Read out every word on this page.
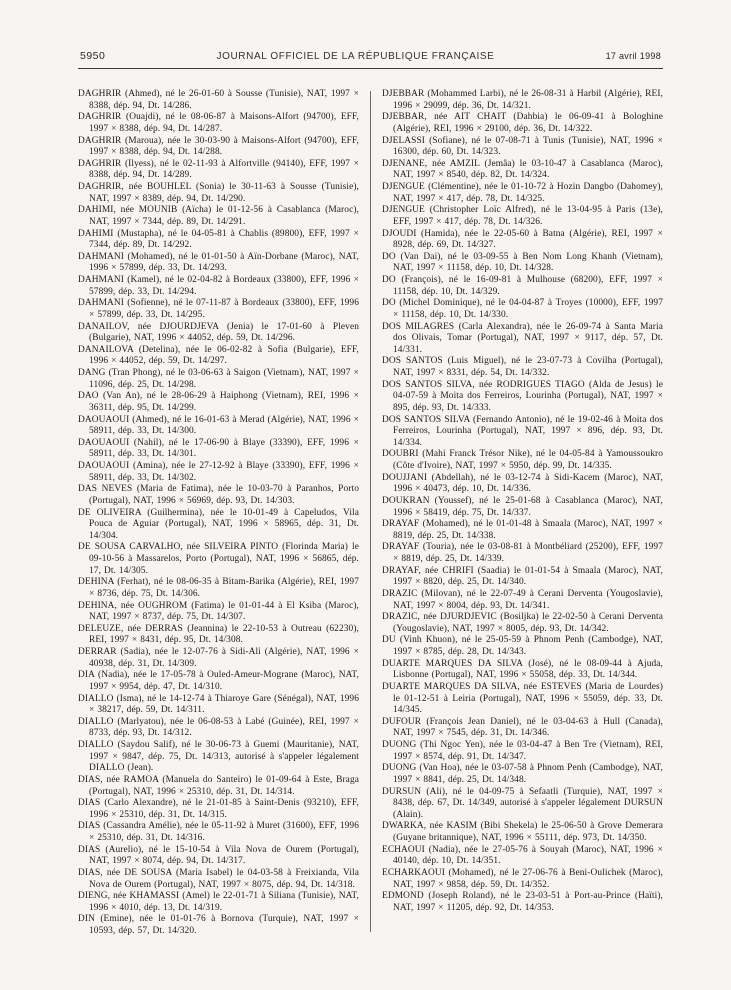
5950	JOURNAL OFFICIEL DE LA RÉPUBLIQUE FRANÇAISE	17 avril 1998

DAGHRIR (Ahmed), né le 26-01-60 à Sousse (Tunisie), NAT, 1997 × 8388, dép. 94, Dt. 14/286.

DAGHRIR (Ouajdi), né le 08-06-87 à Maisons-Alfort (94700), EFF, 1997 × 8388, dép. 94, Dt. 14/287.

DAGHRIR (Maroua), née le 30-03-90 à Maisons-Alfort (94700), EFF, 1997 × 8388, dép. 94, Dt. 14/288.

DAGHRIR (Ilyess), né le 02-11-93 à Alfortville (94140), EFF, 1997 × 8388, dép. 94, Dt. 14/289.

DAGHRIR, née BOUHLEL (Sonia) le 30-11-63 à Sousse (Tunisie), NAT, 1997 × 8389, dép. 94, Dt. 14/290.

DAHIMI, née MOUNIB (Aïcha) le 01-12-56 à Casablanca (Maroc), NAT, 1997 × 7344, dép. 89, Dt. 14/291.

DAHIMI (Mustapha), né le 04-05-81 à Chablis (89800), EFF, 1997 × 7344, dép. 89, Dt. 14/292.

DAHMANI (Mohamed), né le 01-01-50 à Aïn-Dorbane (Maroc), NAT, 1996 × 57899, dép. 33, Dt. 14/293.

DAHMANI (Kamel), né le 02-04-82 à Bordeaux (33800), EFF, 1996 × 57899, dép. 33, Dt. 14/294.

DAHMANI (Sofienne), né le 07-11-87 à Bordeaux (33800), EFF, 1996 × 57899, dép. 33, Dt. 14/295.

DANAILOV, née DJOURDJEVA (Jenia) le 17-01-60 à Pleven (Bulgarie), NAT, 1996 × 44052, dép. 59, Dt. 14/296.

DANAILOVA (Detelina), née le 06-02-82 à Sofia (Bulgarie), EFF, 1996 × 44052, dép. 59, Dt. 14/297.

DANG (Tran Phong), né le 03-06-63 à Saigon (Vietnam), NAT, 1997 × 11096, dép. 25, Dt. 14/298.

DAO (Van An), né le 28-06-29 à Haiphong (Vietnam), REI, 1996 × 36311, dép. 95, Dt. 14/299.

DAOUAOUI (Ahmed), né le 16-01-63 à Merad (Algérie), NAT, 1996 × 58911, dép. 33, Dt. 14/300.

DAOUAOUI (Nahil), né le 17-06-90 à Blaye (33390), EFF, 1996 × 58911, dép. 33, Dt. 14/301.

DAOUAOUI (Amina), née le 27-12-92 à Blaye (33390), EFF, 1996 × 58911, dép. 33, Dt. 14/302.

DAS NEVES (Maria de Fatima), née le 10-03-70 à Paranhos, Porto (Portugal), NAT, 1996 × 56969, dép. 93, Dt. 14/303.

DE OLIVEIRA (Guilhermina), née le 10-01-49 à Capeludos, Vila Pouca de Aguiar (Portugal), NAT, 1996 × 58965, dép. 31, Dt. 14/304.

DE SOUSA CARVALHO, née SILVEIRA PINTO (Florinda Maria) le 09-10-56 à Massarelos, Porto (Portugal), NAT, 1996 × 56865, dép. 17, Dt. 14/305.

DEHINA (Ferhat), né le 08-06-35 à Bitam-Barika (Algérie), REI, 1997 × 8736, dép. 75, Dt. 14/306.

DEHINA, née OUGHROM (Fatima) le 01-01-44 à El Ksiba (Maroc), NAT, 1997 × 8737, dép. 75, Dt. 14/307.

DELEUZE, née DERRAS (Jeannina) le 22-10-53 à Outreau (62230), REI, 1997 × 8431, dép. 95, Dt. 14/308.

DERRAR (Sadia), née le 12-07-76 à Sidi-Ali (Algérie), NAT, 1996 × 40938, dép. 31, Dt. 14/309.

DIA (Nadia), née le 17-05-78 à Ouled-Ameur-Mograne (Maroc), NAT, 1997 × 9954, dép. 47, Dt. 14/310.

DIALLO (Isma), né le 14-12-74 à Thiaroye Gare (Sénégal), NAT, 1996 × 38217, dép. 59, Dt. 14/311.

DIALLO (Marlyatou), née le 06-08-53 à Labé (Guinée), REI, 1997 × 8733, dép. 93, Dt. 14/312.

DIALLO (Saydou Salif), né le 30-06-73 à Guemi (Mauritanie), NAT, 1997 × 9847, dép. 75, Dt. 14/313, autorisé à s'appeler légalement DIALLO (Jean).

DIAS, née RAMOA (Manuela do Santeiro) le 01-09-64 à Este, Braga (Portugal), NAT, 1996 × 25310, dép. 31, Dt. 14/314.

DIAS (Carlo Alexandre), né le 21-01-85 à Saint-Denis (93210), EFF, 1996 × 25310, dép. 31, Dt. 14/315.

DIAS (Cassandra Amélie), née le 05-11-92 à Muret (31600), EFF, 1996 × 25310, dép. 31, Dt. 14/316.

DIAS (Aurelio), né le 15-10-54 à Vila Nova de Ourem (Portugal), NAT, 1997 × 8074, dép. 94, Dt. 14/317.

DIAS, née DE SOUSA (Maria Isabel) le 04-03-58 à Freixianda, Vila Nova de Ourem (Portugal), NAT, 1997 × 8075, dép. 94, Dt. 14/318.

DIENG, née KHAMASSI (Amel) le 22-01-71 à Siliana (Tunisie), NAT, 1996 × 4010, dép. 13, Dt. 14/319.

DIN (Emine), née le 01-01-76 à Bornova (Turquie), NAT, 1997 × 10593, dép. 57, Dt. 14/320.

DJEBBAR (Mohammed Larbi), né le 26-08-31 à Harbil (Algérie), REI, 1996 × 29099, dép. 36, Dt. 14/321.

DJEBBAR, née AIT CHAIT (Dahbia) le 06-09-41 à Bologhine (Algérie), REI, 1996 × 29100, dép. 36, Dt. 14/322.

DJELASSI (Sofiane), né le 07-08-71 à Tunis (Tunisie), NAT, 1996 × 16300, dép. 60, Dt. 14/323.

DJENANE, née AMZIL (Jemâa) le 03-10-47 à Casablanca (Maroc), NAT, 1997 × 8540, dép. 82, Dt. 14/324.

DJENGUE (Clémentine), née le 01-10-72 à Hozin Dangbo (Dahomey), NAT, 1997 × 417, dép. 78, Dt. 14/325.

DJENGUE (Christopher Loïc Alfred), né le 13-04-95 à Paris (13e), EFF, 1997 × 417, dép. 78, Dt. 14/326.

DJOUDI (Hamida), née le 22-05-60 à Batna (Algérie), REI, 1997 × 8928, dép. 69, Dt. 14/327.

DO (Van Dai), né le 03-09-55 à Ben Nom Long Khanh (Vietnam), NAT, 1997 × 11158, dép. 10, Dt. 14/328.

DO (François), né le 16-09-81 à Mulhouse (68200), EFF, 1997 × 11158, dép. 10, Dt. 14/329.

DO (Michel Dominique), né le 04-04-87 à Troyes (10000), EFF, 1997 × 11158, dép. 10, Dt. 14/330.

DOS MILAGRES (Carla Alexandra), née le 26-09-74 à Santa Maria dos Olivais, Tomar (Portugal), NAT, 1997 × 9117, dép. 57, Dt. 14/331.

DOS SANTOS (Luis Miguel), né le 23-07-73 à Covilha (Portugal), NAT, 1997 × 8331, dép. 54, Dt. 14/332.

DOS SANTOS SILVA, née RODRIGUES TIAGO (Alda de Jesus) le 04-07-59 à Moita dos Ferreiros, Lourinha (Portugal), NAT, 1997 × 895, dép. 93, Dt. 14/333.

DOS SANTOS SILVA (Fernando Antonio), né le 19-02-46 à Moita dos Ferreiros, Lourinha (Portugal), NAT, 1997 × 896, dép. 93, Dt. 14/334.

DOUBRI (Mahi Franck Trésor Nike), né le 04-05-84 à Yamoussoukro (Côte d'Ivoire), NAT, 1997 × 5950, dép. 99, Dt. 14/335.

DOUJJANI (Abdellah), né le 03-12-74 à Sidi-Kacem (Maroc), NAT, 1996 × 40473, dép. 10, Dt. 14/336.

DOUKRAN (Youssef), né le 25-01-68 à Casablanca (Maroc), NAT, 1996 × 58419, dép. 75, Dt. 14/337.

DRAYAF (Mohamed), né le 01-01-48 à Smaala (Maroc), NAT, 1997 × 8819, dép. 25, Dt. 14/338.

DRAYAF (Touria), née le 03-08-81 à Montbéliard (25200), EFF, 1997 × 8819, dép. 25, Dt. 14/339.

DRAYAF, née CHRIFI (Saadia) le 01-01-54 à Smaala (Maroc), NAT, 1997 × 8820, dép. 25, Dt. 14/340.

DRAZIC (Milovan), né le 22-07-49 à Cerani Derventa (Yougoslavie), NAT, 1997 × 8004, dép. 93, Dt. 14/341.

DRAZIC, née DJURDJEVIC (Bosiljka) le 22-02-50 à Cerani Derventa (Yougoslavie), NAT, 1997 × 8005, dép. 93, Dt. 14/342.

DU (Vinh Khuon), né le 25-05-59 à Phnom Penh (Cambodge), NAT, 1997 × 8785, dép. 28, Dt. 14/343.

DUARTE MARQUES DA SILVA (José), né le 08-09-44 à Ajuda, Lisbonne (Portugal), NAT, 1996 × 55058, dép. 33, Dt. 14/344.

DUARTE MARQUES DA SILVA, née ESTEVES (Maria de Lourdes) le 01-12-51 à Leiria (Portugal), NAT, 1996 × 55059, dép. 33, Dt. 14/345.

DUFOUR (François Jean Daniel), né le 03-04-63 à Hull (Canada), NAT, 1997 × 7545, dép. 31, Dt. 14/346.

DUONG (Thi Ngoc Yen), née le 03-04-47 à Ben Tre (Vietnam), REI, 1997 × 8574, dép. 91, Dt. 14/347.

DUONG (Van Hoa), née le 03-07-58 à Phnom Penh (Cambodge), NAT, 1997 × 8841, dép. 25, Dt. 14/348.

DURSUN (Ali), né le 04-09-75 à Sefaatli (Turquie), NAT, 1997 × 8438, dép. 67, Dt. 14/349, autorisé à s'appeler légalement DURSUN (Alain).

DWARKA, née KASIM (Bibi Shekela) le 25-06-50 à Grove Demerara (Guyane britannique), NAT, 1996 × 55111, dép. 973, Dt. 14/350.

ECHAOUI (Nadia), née le 27-05-76 à Souyah (Maroc), NAT, 1996 × 40140, dép. 10, Dt. 14/351.

ECHARKAOUI (Mohamed), né le 27-06-76 à Beni-Oulichek (Maroc), NAT, 1997 × 9858, dép. 59, Dt. 14/352.

EDMOND (Joseph Roland), né le 23-03-51 à Port-au-Prince (Haïti), NAT, 1997 × 11205, dép. 92, Dt. 14/353.
